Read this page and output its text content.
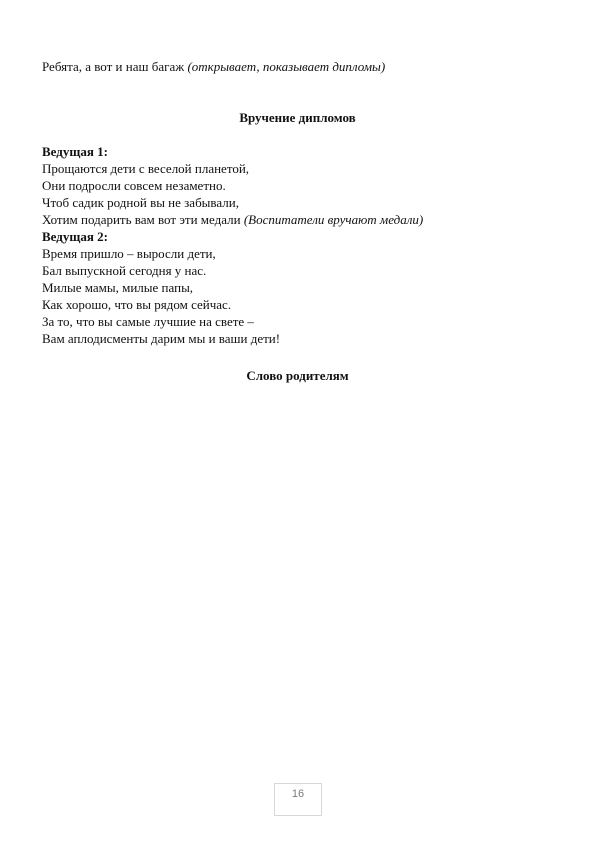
Ребята, а вот и наш багаж (открывает, показывает дипломы)
Вручение дипломов
Ведущая 1:
Прощаются дети с веселой планетой,
Они подросли совсем незаметно.
Чтоб садик родной вы не забывали,
Хотим подарить вам вот эти медали (Воспитатели вручают медали)
Ведущая 2:
Время пришло – выросли дети,
Бал выпускной сегодня у нас.
Милые мамы, милые папы,
Как хорошо, что вы рядом сейчас.
За то, что вы самые лучшие на свете –
Вам аплодисменты дарим мы и ваши дети!
Слово родителям
16
